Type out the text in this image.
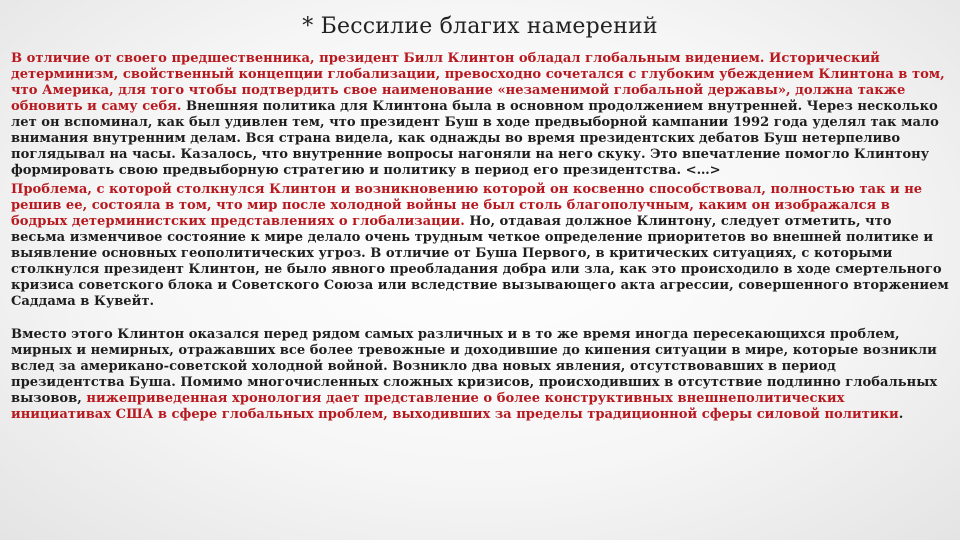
* Бессилие благих намерений

В отличие от своего предшественника, президент Билл Клинтон обладал глобальным видением. Исторический детерминизм, свойственный концепции глобализации, превосходно сочетался с глубоким убеждением Клинтона в том, что Америка, для того чтобы подтвердить свое наименование «незаменимой глобальной державы», должна также обновить и саму себя. Внешняя политика для Клинтона была в основном продолжением внутренней. Через несколько лет он вспоминал, как был удивлен тем, что президент Буш в ходе предвыборной кампании 1992 года уделял так мало внимания внутренним делам. Вся страна видела, как однажды во время президентских дебатов Буш нетерпеливо поглядывал на часы. Казалось, что внутренние вопросы нагоняли на него скуку. Это впечатление помогло Клинтону формировать свою предвыборную стратегию и политику в период его президентства. <…>

Проблема, с которой столкнулся Клинтон и возникновению которой он косвенно способствовал, полностью так и не решив ее, состояла в том, что мир после холодной войны не был столь благополучным, каким он изображался в бодрых детерминистских представлениях о глобализации. Но, отдавая должное Клинтону, следует отметить, что весьма изменчивое состояние к мире делало очень трудным четкое определение приоритетов во внешней политике и выявление основных геополитических угроз. В отличие от Буша Первого, в критических ситуациях, с которыми столкнулся президент Клинтон, не было явного преобладания добра или зла, как это происходило в ходе смертельного кризиса советского блока и Советского Союза или вследствие вызывающего акта агрессии, совершенного вторжением Саддама в Кувейт.

Вместо этого Клинтон оказался перед рядом самых различных и в то же время иногда пересекающихся проблем, мирных и немирных, отражавших все более тревожные и доходившие до кипения ситуации в мире, которые возникли вслед за американо-советской холодной войной. Возникло два новых явления, отсутствовавших в период президентства Буша. Помимо многочисленных сложных кризисов, происходивших в отсутствие подлинно глобальных вызовов, нижеприведенная хронология дает представление о более конструктивных внешнеполитических инициативах США в сфере глобальных проблем, выходивших за пределы традиционной сферы силовой политики.
